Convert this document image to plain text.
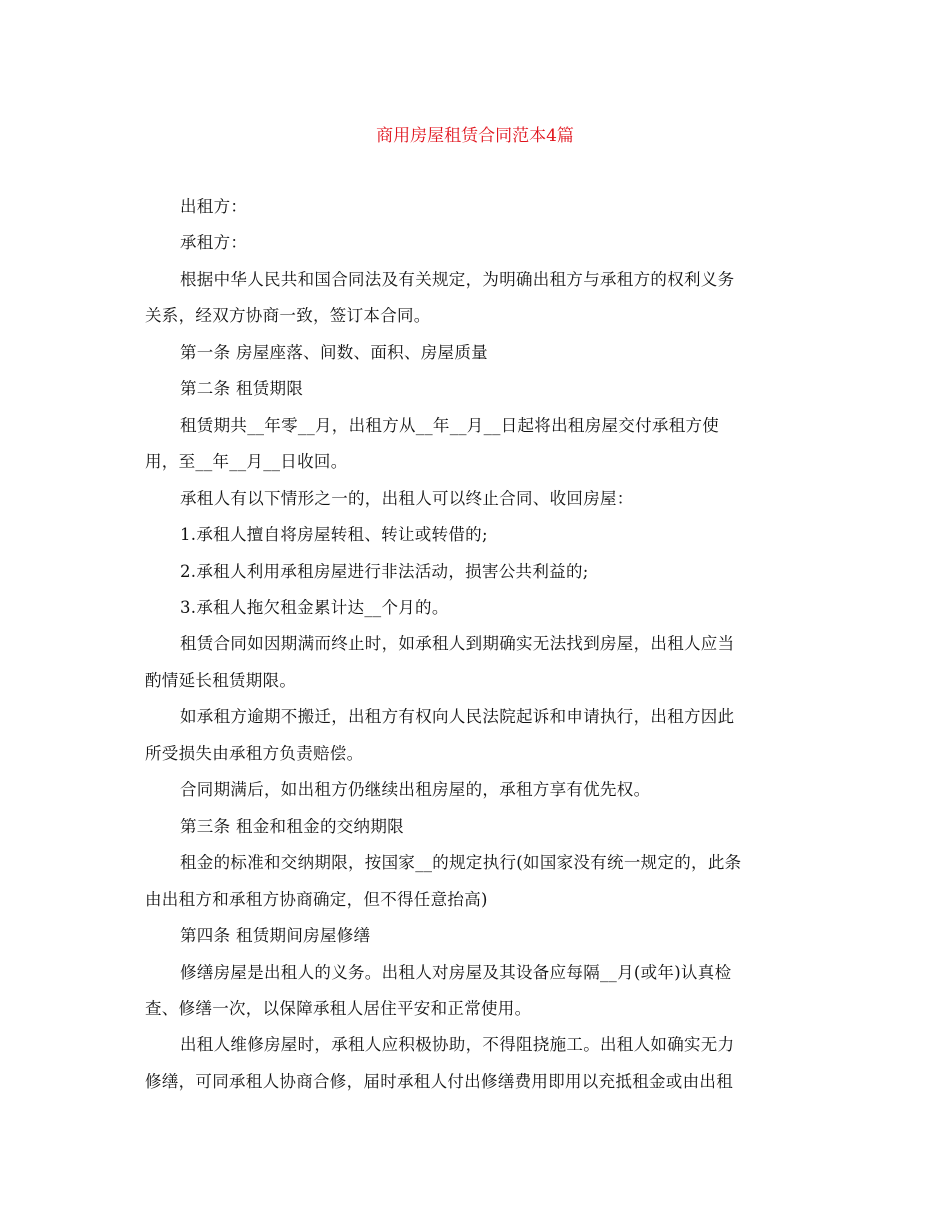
商用房屋租赁合同范本4篇
出租方：
承租方：
根据中华人民共和国合同法及有关规定，为明确出租方与承租方的权利义务
关系，经双方协商一致，签订本合同。
第一条 房屋座落、间数、面积、房屋质量
第二条 租赁期限
租赁期共__年零__月，出租方从__年__月__日起将出租房屋交付承租方使
用，至__年__月__日收回。
承租人有以下情形之一的，出租人可以终止合同、收回房屋：
1.承租人擅自将房屋转租、转让或转借的;
2.承租人利用承租房屋进行非法活动，损害公共利益的;
3.承租人拖欠租金累计达__个月的。
租赁合同如因期满而终止时，如承租人到期确实无法找到房屋，出租人应当
酌情延长租赁期限。
如承租方逾期不搬迁，出租方有权向人民法院起诉和申请执行，出租方因此
所受损失由承租方负责赔偿。
合同期满后，如出租方仍继续出租房屋的，承租方享有优先权。
第三条 租金和租金的交纳期限
租金的标准和交纳期限，按国家__的规定执行(如国家没有统一规定的，此条
由出租方和承租方协商确定，但不得任意抬高)
第四条 租赁期间房屋修缮
修缮房屋是出租人的义务。出租人对房屋及其设备应每隔__月(或年)认真检
查、修缮一次，以保障承租人居住平安和正常使用。
出租人维修房屋时，承租人应积极协助，不得阻挠施工。出租人如确实无力
修缮，可同承租人协商合修，届时承租人付出修缮费用即用以充抵租金或由出租
